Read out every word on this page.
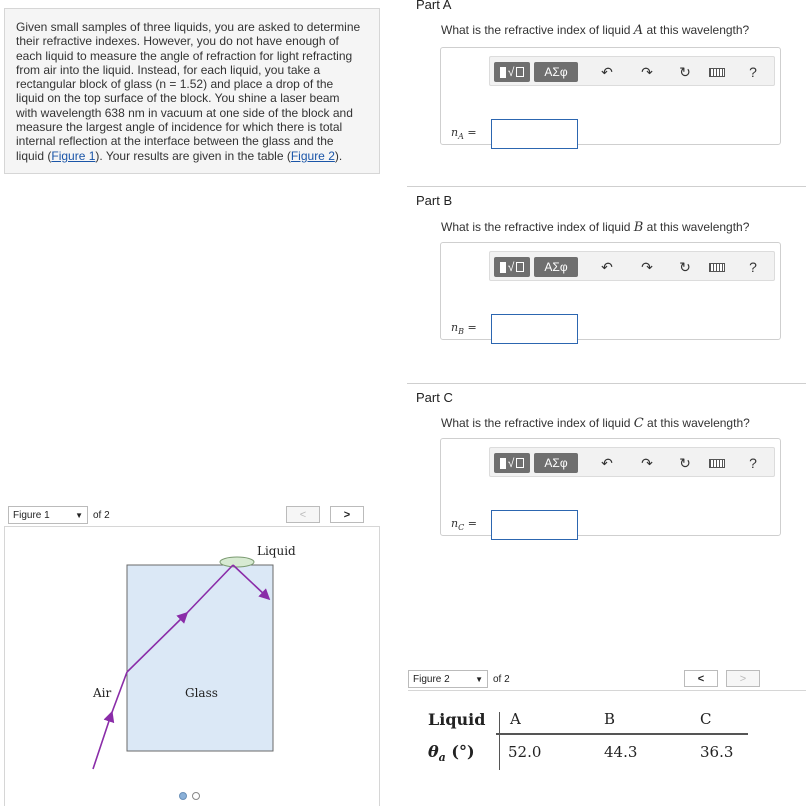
Given small samples of three liquids, you are asked to determine
their refractive indexes. However, you do not have enough of
each liquid to measure the angle of refraction for light refracting
from air into the liquid. Instead, for each liquid, you take a
rectangular block of glass (n = 1.52) and place a drop of the
liquid on the top surface of the block. You shine a laser beam
with wavelength 638 nm in vacuum at one side of the block and
measure the largest angle of incidence for which there is total
internal reflection at the interface between the glass and the
liquid (Figure 1). Your results are given in the table (Figure 2).
Figure 1	▼ of 2	<	>
Liquid
Air	Glass
Part A
What is the refractive index of liquid A at this wavelength?
√	ΑΣφ	↶ ↷ ↻	?
$n_A$ =
Part B
What is the refractive index of liquid B at this wavelength?
√	ΑΣφ	↶ ↷ ↻	?
$n_B$ =
Part C
What is the refractive index of liquid C at this wavelength?
√	ΑΣφ	↶ ↷ ↻	?
$n_C$ =
Figure 2	▼ of 2	<	>
Liquid A	B	C
$\theta_a$ (°) 52.0	44.3	36.3
